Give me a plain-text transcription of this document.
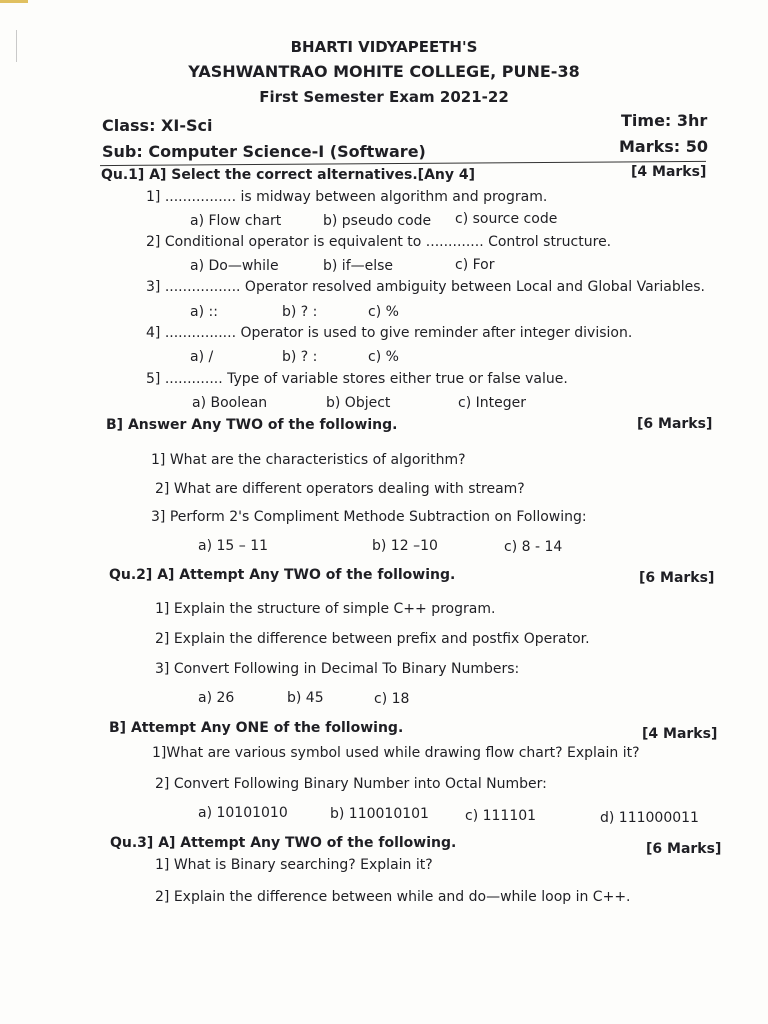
BHARTI VIDYAPEETH'S
YASHWANTRAO MOHITE COLLEGE, PUNE-38
First Semester Exam 2021-22
Class: XI-Sci	Time: 3hr
Sub: Computer Science-I (Software)	Marks: 50
Qu.1] A] Select the correct alternatives.[Any 4]	[4 Marks]
1] ................ is midway between algorithm and program.
a) Flow chart	b) pseudo code c) source code
2] Conditional operator is equivalent to ............. Control structure.
a) Do—while	b) if—else	c) For
3] ................. Operator resolved ambiguity between Local and Global Variables.
a) ::	b) ? :	c) %
4] ................ Operator is used to give reminder after integer division.
a) /	b) ? :	c) %
5] ............. Type of variable stores either true or false value.
a) Boolean	b) Object	c) Integer
B] Answer Any TWO of the following.	[6 Marks]
1] What are the characteristics of algorithm?
2] What are different operators dealing with stream?
3] Perform 2's Compliment Methode Subtraction on Following:
a) 15 – 11	b) 12 –10	c) 8 - 14
Qu.2] A] Attempt Any TWO of the following.	[6 Marks]
1] Explain the structure of simple C++ program.
2] Explain the difference between prefix and postfix Operator.
3] Convert Following in Decimal To Binary Numbers:
a) 26	b) 45	c) 18
B] Attempt Any ONE of the following.	[4 Marks]
1]What are various symbol used while drawing flow chart? Explain it?
2] Convert Following Binary Number into Octal Number:
a) 10101010	b) 110010101	c) 111101	d) 111000011
Qu.3] A] Attempt Any TWO of the following.	[6 Marks]
1] What is Binary searching? Explain it?
2] Explain the difference between while and do—while loop in C++.
